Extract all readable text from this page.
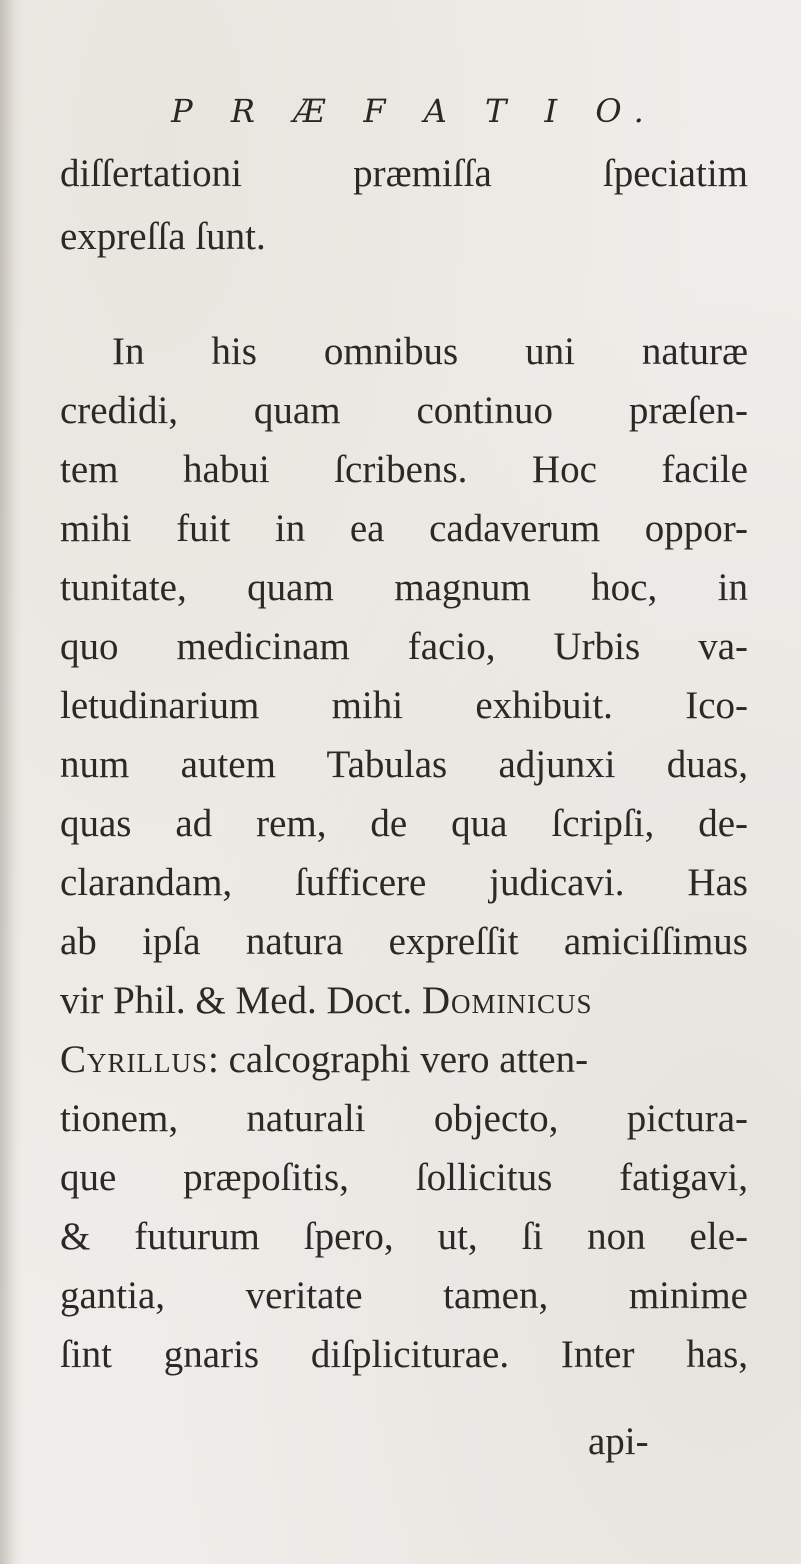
P R Æ F A T I O.
diſſertationi præmiſſa ſpeciatim
expreſſa ſunt.
In his omnibus uni naturæ
credidi, quam continuo præſen-
tem habui ſcribens. Hoc facile
mihi fuit in ea cadaverum oppor-
tunitate, quam magnum hoc, in
quo medicinam facio, Urbis va-
letudinarium mihi exhibuit. Ico-
num autem Tabulas adjunxi duas,
quas ad rem, de qua ſcripſi, de-
clarandam, ſufficere judicavi. Has
ab ipſa natura expreſſit amiciſſimus
vir Phil. & Med. Doct. Dominicus
Cyrillus: calcographi vero atten-
tionem, naturali objecto, pictura-
que præpoſitis, ſollicitus fatigavi,
& futurum ſpero, ut, ſi non ele-
gantia, veritate tamen, minime
ſint gnaris diſpliciturae. Inter has,
api-
